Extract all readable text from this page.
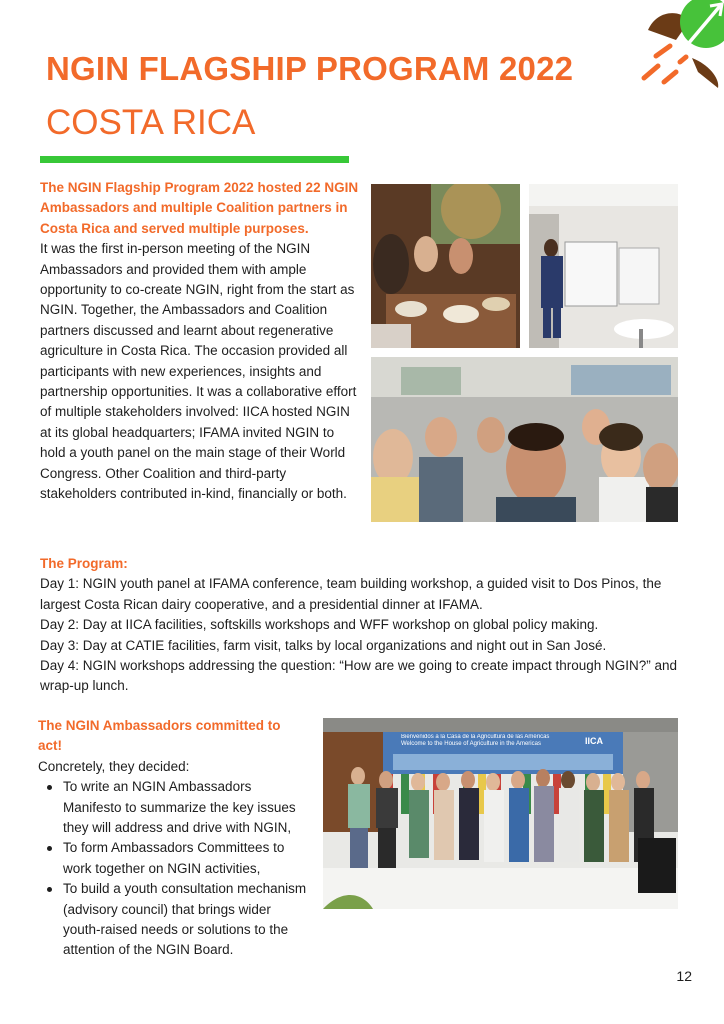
NGIN FLAGSHIP PROGRAM 2022
COSTA RICA
The NGIN Flagship Program 2022 hosted 22 NGIN Ambassadors and multiple Coalition partners in Costa Rica and served multiple purposes.
It was the first in-person meeting of the NGIN Ambassadors and provided them with ample opportunity to co-create NGIN, right from the start as NGIN. Together, the Ambassadors and Coalition partners discussed and learnt about regenerative agriculture in Costa Rica. The occasion provided all participants with new experiences, insights and partnership opportunities. It was a collaborative effort of multiple stakeholders involved: IICA hosted NGIN at its global headquarters; IFAMA invited NGIN to hold a youth panel on the main stage of their World Congress. Other Coalition and third-party stakeholders contributed in-kind, financially or both.
The Program:
Day 1: NGIN youth panel at IFAMA conference, team building workshop, a guided visit to Dos Pinos, the largest Costa Rican dairy cooperative, and a presidential dinner at IFAMA.
Day 2: Day at IICA facilities, softskills workshops and WFF workshop on global policy making.
Day 3: Day at CATIE facilities, farm visit, talks by local organizations and night out in San José.
Day 4: NGIN workshops addressing the question: “How are we going to create impact through NGIN?” and wrap-up lunch.
The NGIN Ambassadors committed to act!
Concretely, they decided:
To write an NGIN Ambassadors Manifesto to summarize the key issues they will address and drive with NGIN,
To form Ambassadors Committees to work together on NGIN activities,
To build a youth consultation mechanism (advisory council) that brings wider youth-raised needs or solutions to the attention of the NGIN Board.
Bienvenidos a la Casa de la Agricultura de las Américas
Welcome to the House of Agriculture in the Americas	IICA
12
